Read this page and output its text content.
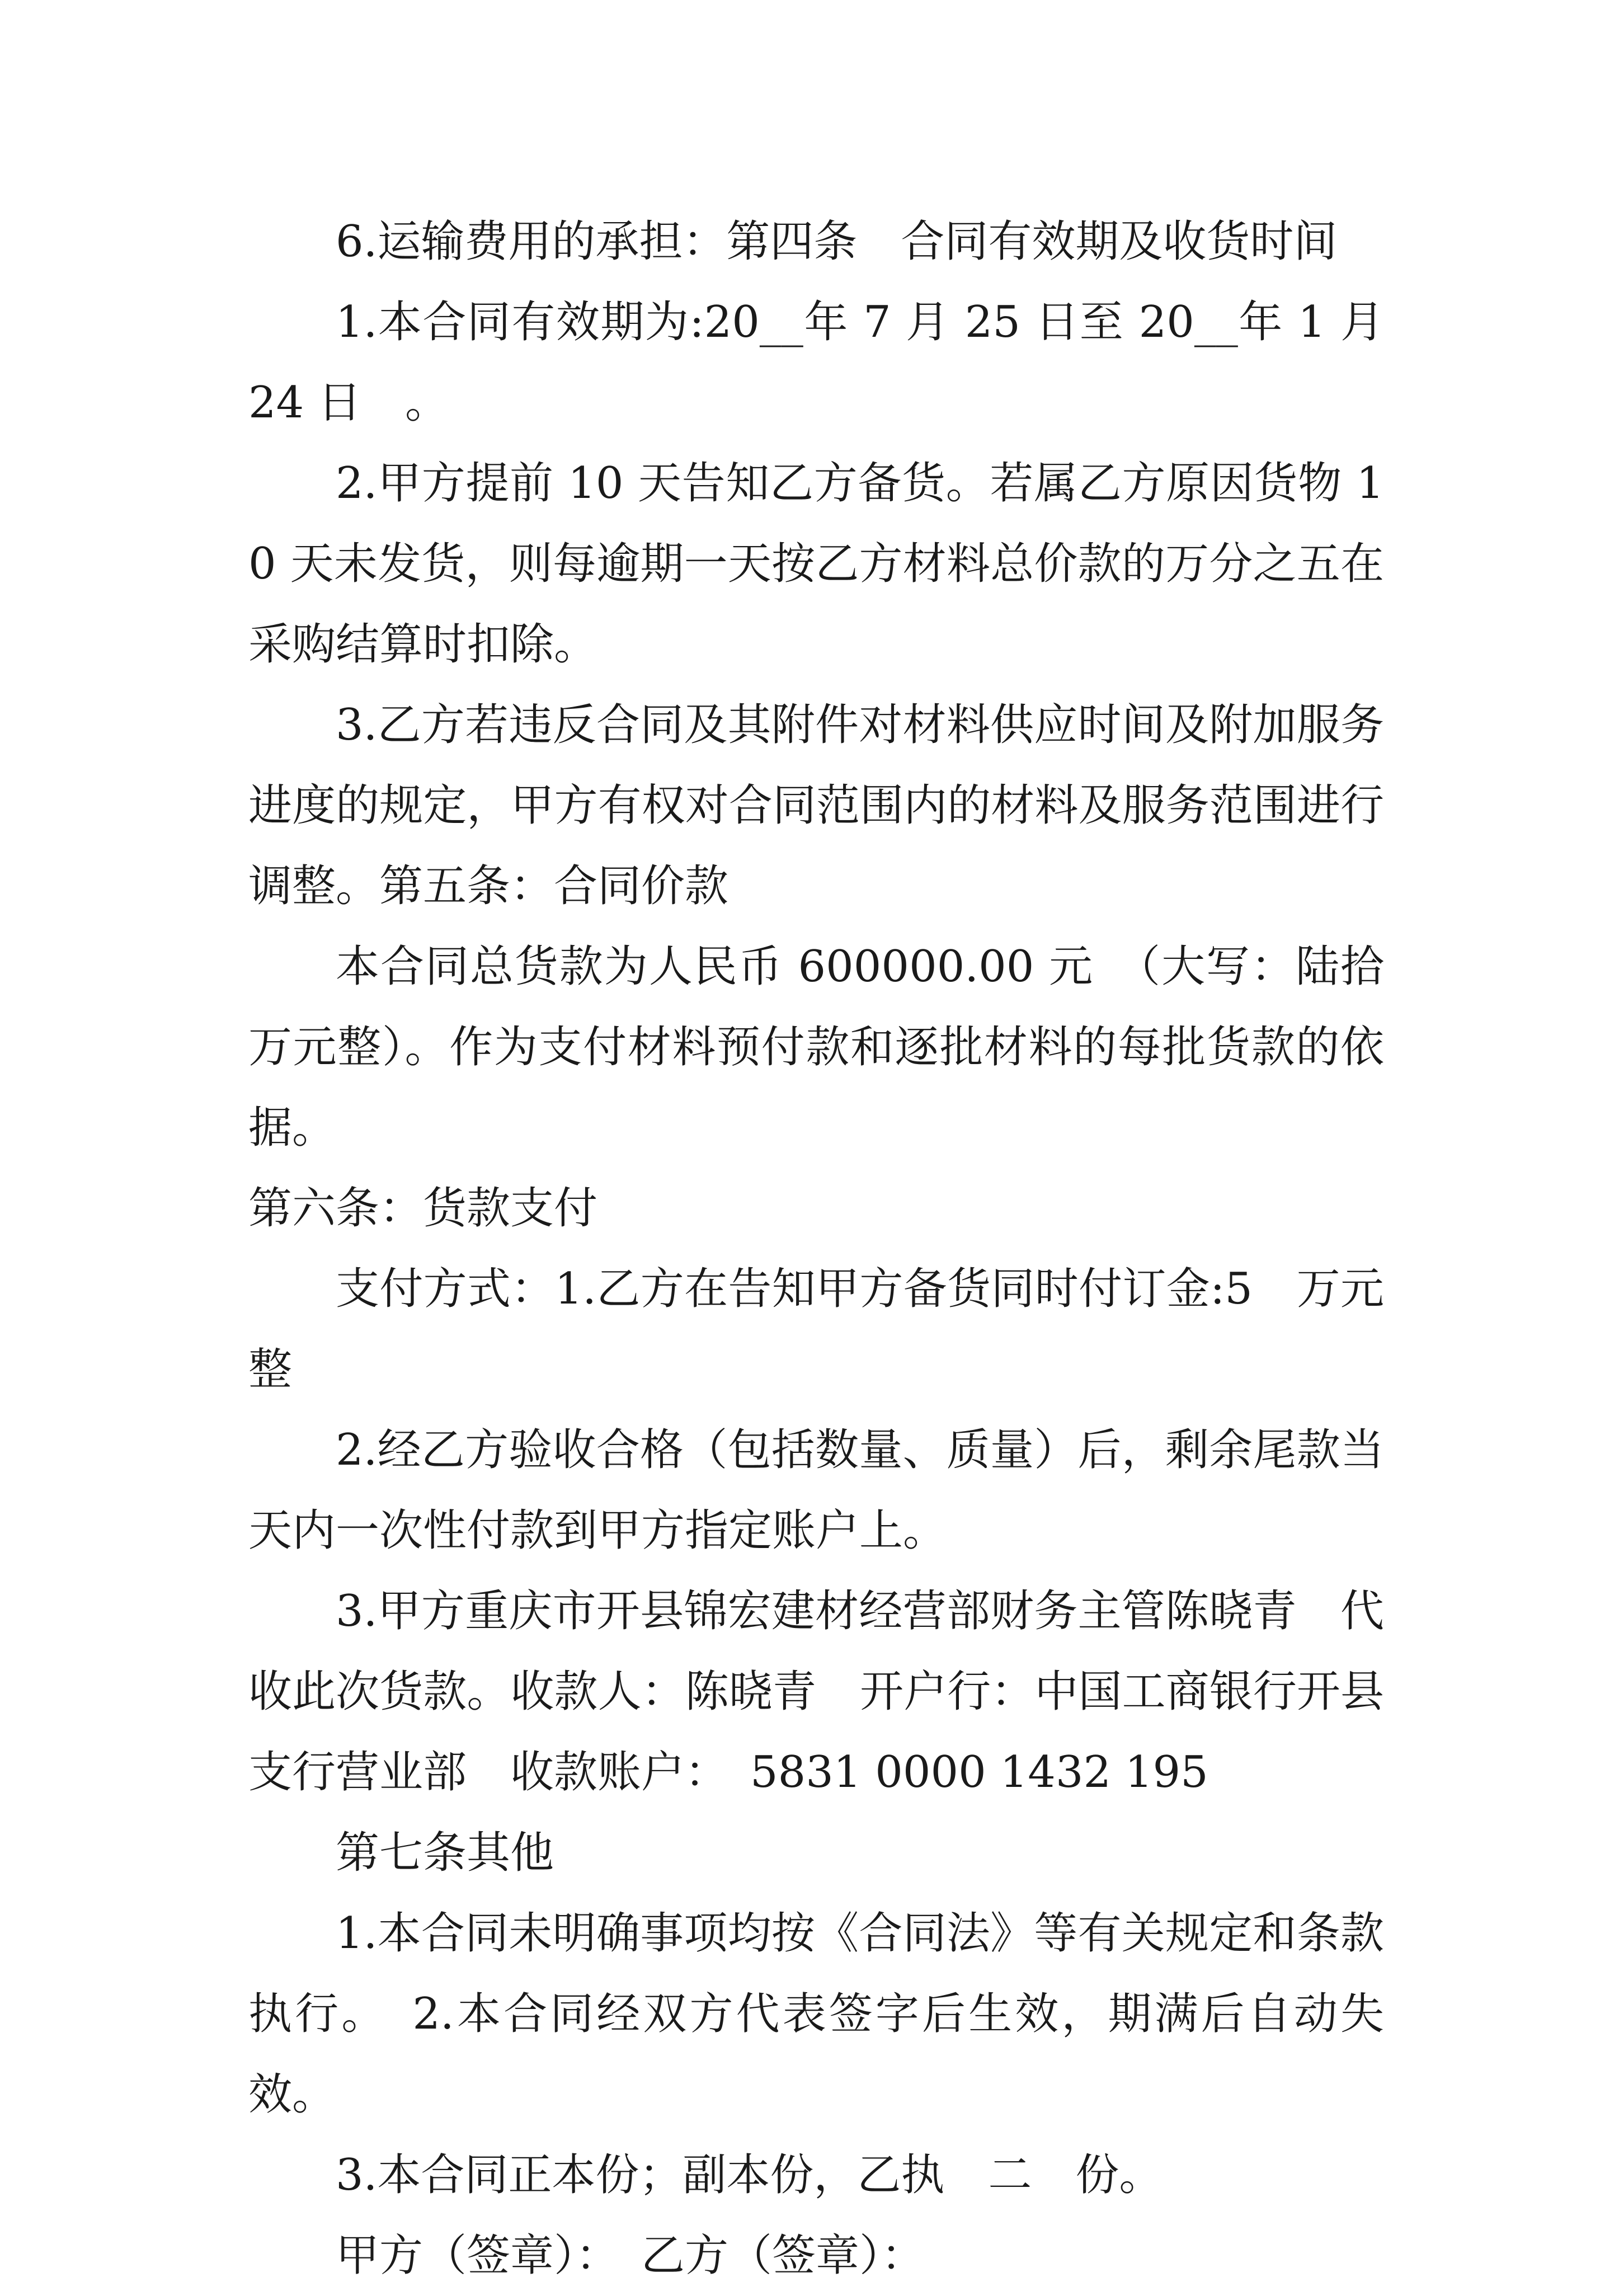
6.运输费用的承担：第四条　合同有效期及收货时间

1.本合同有效期为:20__年 7 月 25 日至 20__年 1 月 24 日　。

2.甲方提前 10 天告知乙方备货。若属乙方原因货物 10 天未发货，则每逾期一天按乙方材料总价款的万分之五在采购结算时扣除。

3.乙方若违反合同及其附件对材料供应时间及附加服务进度的规定，甲方有权对合同范围内的材料及服务范围进行调整。第五条：合同价款

本合同总货款为人民币 600000.00 元　（大写：陆拾万元整）。作为支付材料预付款和逐批材料的每批货款的依据。

第六条：货款支付

支付方式：1.乙方在告知甲方备货同时付订金:5　万元整

2.经乙方验收合格（包括数量、质量）后，剩余尾款当天内一次性付款到甲方指定账户上。

3.甲方重庆市开县锦宏建材经营部财务主管陈晓青　代收此次货款。收款人：陈晓青　开户行：中国工商银行开县支行营业部　收款账户：　5831 0000 1432 195

第七条其他

1.本合同未明确事项均按《合同法》等有关规定和条款执行。　2.本合同经双方代表签字后生效，期满后自动失效。

3.本合同正本份；副本份，乙执　二　份。

甲方（签章）：　乙方（签章）：
